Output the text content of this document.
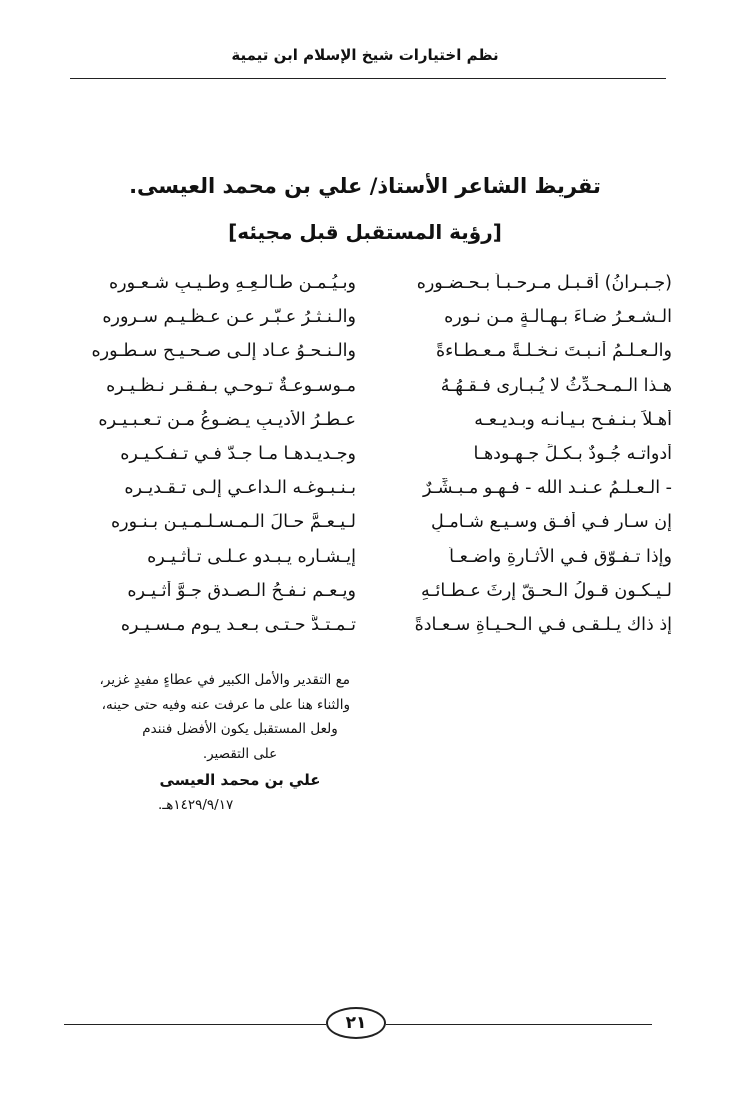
نظم اختيارات شيخ الإسلام ابن تيمية
تقريظ الشاعر الأستاذ/ علي بن محمد العيسى.
[رؤية المستقبل قبل مجيئه]
(جـبـرانُ) أقـبـل مـرحـبـاً بـحـضـوره
وبـيُـمـنِ طـالـعِـهِ وطـيـبِ شـعـوره
الـشـعـرُ ضـاءَ بـهـالـةٍ مـن نـوره
والـنـثـرُ عـبّـر عـن عـظـيـم سـروره
والـعـلـمُ أنـبـتَ نـخـلـةً مـعـطـاءةً
والـنـحـوُ عـاد إلـى صـحـيـح سـطـوره
هـذا الـمـحـدِّثُ لا يُـبـارى فـقـهُـهُ
مـوسـوعـةٌ تـوحـي بـفـقـر نـظـيـره
أهـلاً بـنـفـح بـيـانـه وبـديـعـه
عـطـرُ الأديـبِ يـضـوعُ مـن تـعـبـيـره
أدواتـه جُـودٌ بـكـلِّ جـهـودهـا
وجـديـدهـا مـا جـدّ فـي تـفـكـيـره
- الـعـلـمُ عـنـد الله - فـهـو مـبـشِّـرٌ
بـنـبـوغـه الـداعـي إلـى تـقـديـره
إن سـار فـي أفـقٍ وسـيـعٍ شـامـلٍ
لـيـعـمَّ حـالَ الـمـسـلـمـيـن بـنـوره
وإذا تـفـوّق فـي الأثـارةِ واضـعـاً
إيـشـاره يـبـدو عـلـى تـأثـيـره
لـيـكـون قـولُ الـحـقّ إرثَ عـطـائـهِ
ويـعـم نـفـحُ الـصـدق جـوَّ أثـيـره
إذ ذاك يـلـقـى فـي الـحـيـاةِ سـعـادةً
تـمـتـدُّ حـتـى بـعـد يـوم مـسـيـره
مع التقدير والأمل الكبير في عطاءٍ مفيدٍ غزير،
والثناء هنا على ما عرفت عنه وفيه حتى حينه،
ولعل المستقبل يكون الأفضل فنندم
على التقصير.
علي بن محمد العيسى
١٤٢٩/٩/١٧هـ.
٢١
